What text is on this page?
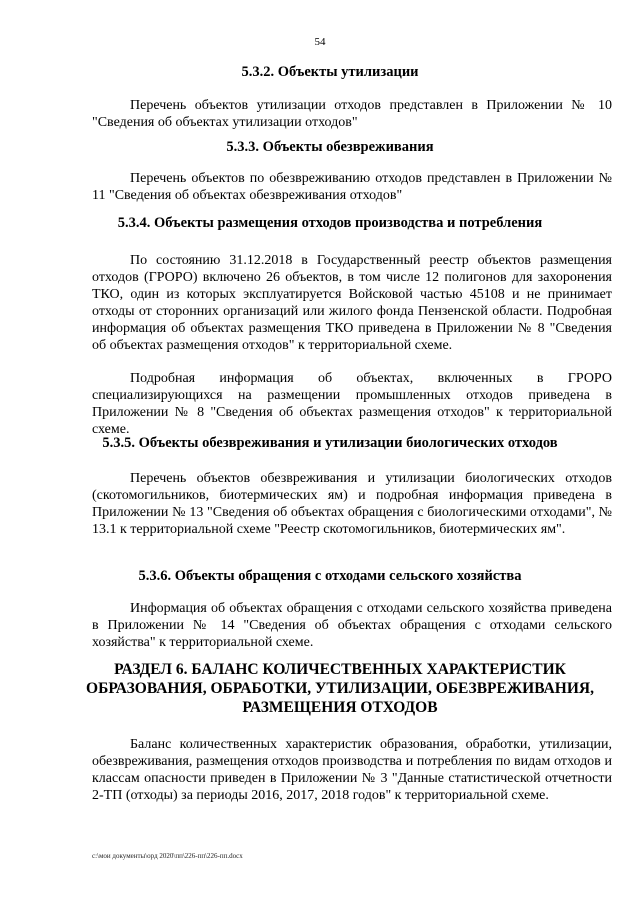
54
5.3.2. Объекты утилизации
Перечень объектов утилизации отходов представлен в Приложении № 10 "Сведения об объектах утилизации отходов"
5.3.3. Объекты обезвреживания
Перечень объектов по обезвреживанию отходов представлен в Приложении № 11 "Сведения об объектах обезвреживания отходов"
5.3.4. Объекты размещения отходов производства и потребления
По состоянию 31.12.2018 в Государственный реестр объектов размещения отходов (ГРОРО) включено 26 объектов, в том числе 12 полигонов для захоронения ТКО, один из которых эксплуатируется Войсковой частью 45108 и не принимает отходы от сторонних организаций или жилого фонда Пензенской области. Подробная информация об объектах размещения ТКО приведена в Приложении № 8 "Сведения об объектах размещения отходов" к территориальной схеме.
Подробная информация об объектах, включенных в ГРОРО специализирующихся на размещении промышленных отходов приведена в Приложении № 8 "Сведения об объектах размещения отходов" к территориальной схеме.
5.3.5. Объекты обезвреживания и утилизации биологических отходов
Перечень объектов обезвреживания и утилизации биологических отходов (скотомогильников, биотермических ям) и подробная информация приведена в Приложении № 13 "Сведения об объектах обращения с биологическими отходами", № 13.1 к территориальной схеме "Реестр скотомогильников, биотермических ям".
5.3.6. Объекты обращения с отходами сельского хозяйства
Информация об объектах обращения с отходами сельского хозяйства приведена в Приложении № 14 "Сведения об объектах обращения с отходами сельского хозяйства" к территориальной схеме.
РАЗДЕЛ 6. БАЛАНС КОЛИЧЕСТВЕННЫХ ХАРАКТЕРИСТИК
ОБРАЗОВАНИЯ, ОБРАБОТКИ, УТИЛИЗАЦИИ, ОБЕЗВРЕЖИВАНИЯ,
РАЗМЕЩЕНИЯ ОТХОДОВ
Баланс количественных характеристик образования, обработки, утилизации, обезвреживания, размещения отходов производства и потребления по видам отходов и классам опасности приведен в Приложении № 3 "Данные статистической отчетности 2-ТП (отходы) за периоды 2016, 2017, 2018 годов" к территориальной схеме.
c:\мои документы\орд 2020\пп\226-пп\226-пп.docx
